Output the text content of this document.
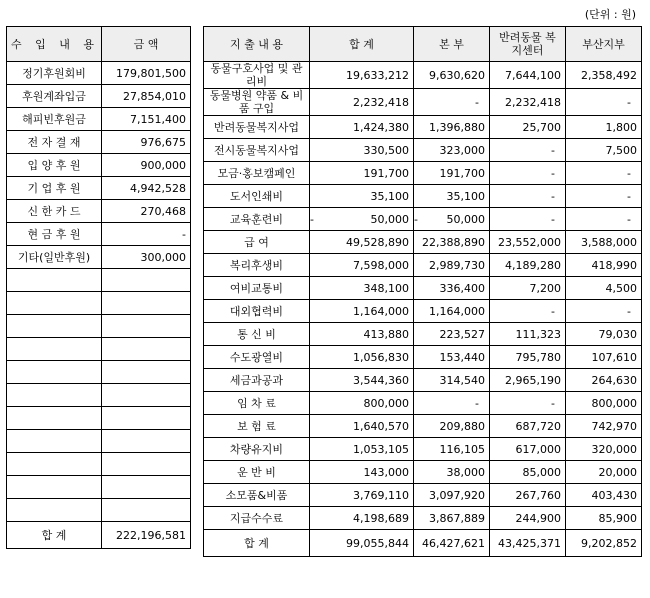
(단위 : 원)
수 입 내 용	금 액
정기후원회비	179,801,500
후원계좌입금	27,854,010
해피빈후원금	7,151,400
전 자 결 재	976,675
입 양 후 원	900,000
기 업 후 원	4,942,528
신 한 카 드	270,468
현 금 후 원	-
기타(일반후원)	300,000

합 계	222,196,581
지 출 내 용	합 계	본 부	반려동물 복지센터	부산지부
동물구호사업 및 관리비	19,633,212	9,630,620	7,644,100	2,358,492
동물병원 약품 & 비품 구입	2,232,418	-	2,232,418	-
반려동물복지사업	1,424,380	1,396,880	25,700	1,800
전시동물복지사업	330,500	323,000	-	7,500
모금·홍보캠페인	191,700	191,700	-	-
도서인쇄비	35,100	35,100	-	-
교육훈련비	- 50,000	- 50,000	-	-
급 여	49,528,890	22,388,890	23,552,000	3,588,000
복리후생비	7,598,000	2,989,730	4,189,280	418,990
여비교통비	348,100	336,400	7,200	4,500
대외협력비	1,164,000	1,164,000	-	-
통 신 비	413,880	223,527	111,323	79,030
수도광열비	1,056,830	153,440	795,780	107,610
세금과공과	3,544,360	314,540	2,965,190	264,630
임 차 료	800,000	-	-	800,000
보 험 료	1,640,570	209,880	687,720	742,970
차량유지비	1,053,105	116,105	617,000	320,000
운 반 비	143,000	38,000	85,000	20,000
소모품&비품	3,769,110	3,097,920	267,760	403,430
지급수수료	4,198,689	3,867,889	244,900	85,900
합 계	99,055,844	46,427,621	43,425,371	9,202,852
